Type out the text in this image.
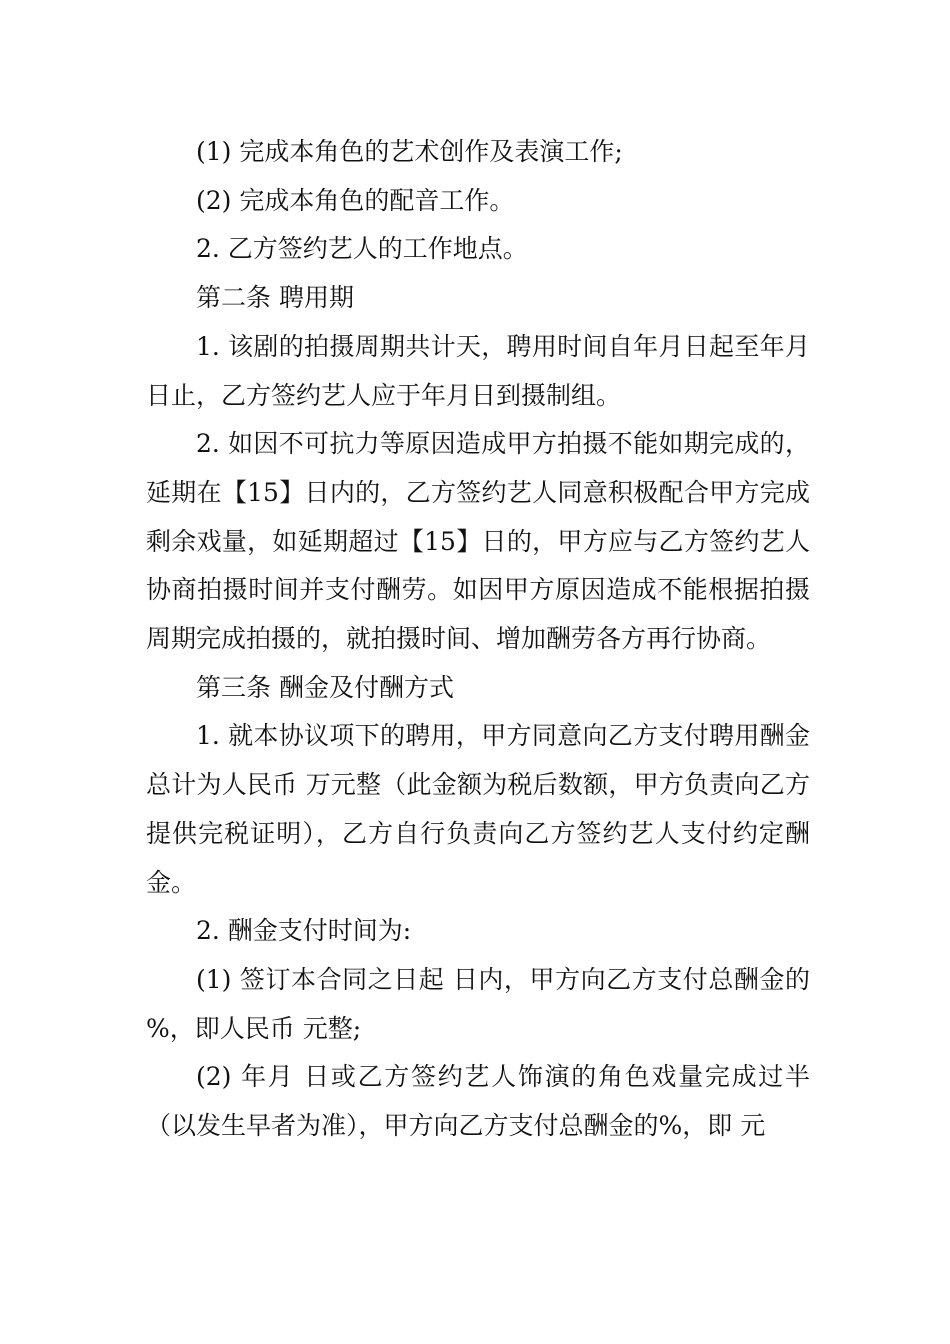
(1) 完成本角色的艺术创作及表演工作;

(2) 完成本角色的配音工作。

2. 乙方签约艺人的工作地点。

第二条 聘用期

1. 该剧的拍摄周期共计天，聘用时间自年月日起至年月日止，乙方签约艺人应于年月日到摄制组。

2. 如因不可抗力等原因造成甲方拍摄不能如期完成的，延期在【15】日内的，乙方签约艺人同意积极配合甲方完成剩余戏量，如延期超过【15】日的，甲方应与乙方签约艺人协商拍摄时间并支付酬劳。如因甲方原因造成不能根据拍摄周期完成拍摄的，就拍摄时间、增加酬劳各方再行协商。

第三条 酬金及付酬方式

1. 就本协议项下的聘用，甲方同意向乙方支付聘用酬金总计为人民币 万元整（此金额为税后数额，甲方负责向乙方提供完税证明），乙方自行负责向乙方签约艺人支付约定酬金。

2. 酬金支付时间为:

(1) 签订本合同之日起 日内，甲方向乙方支付总酬金的 %，即人民币 元整;

(2) 年月 日或乙方签约艺人饰演的角色戏量完成过半（以发生早者为准），甲方向乙方支付总酬金的%，即 元
